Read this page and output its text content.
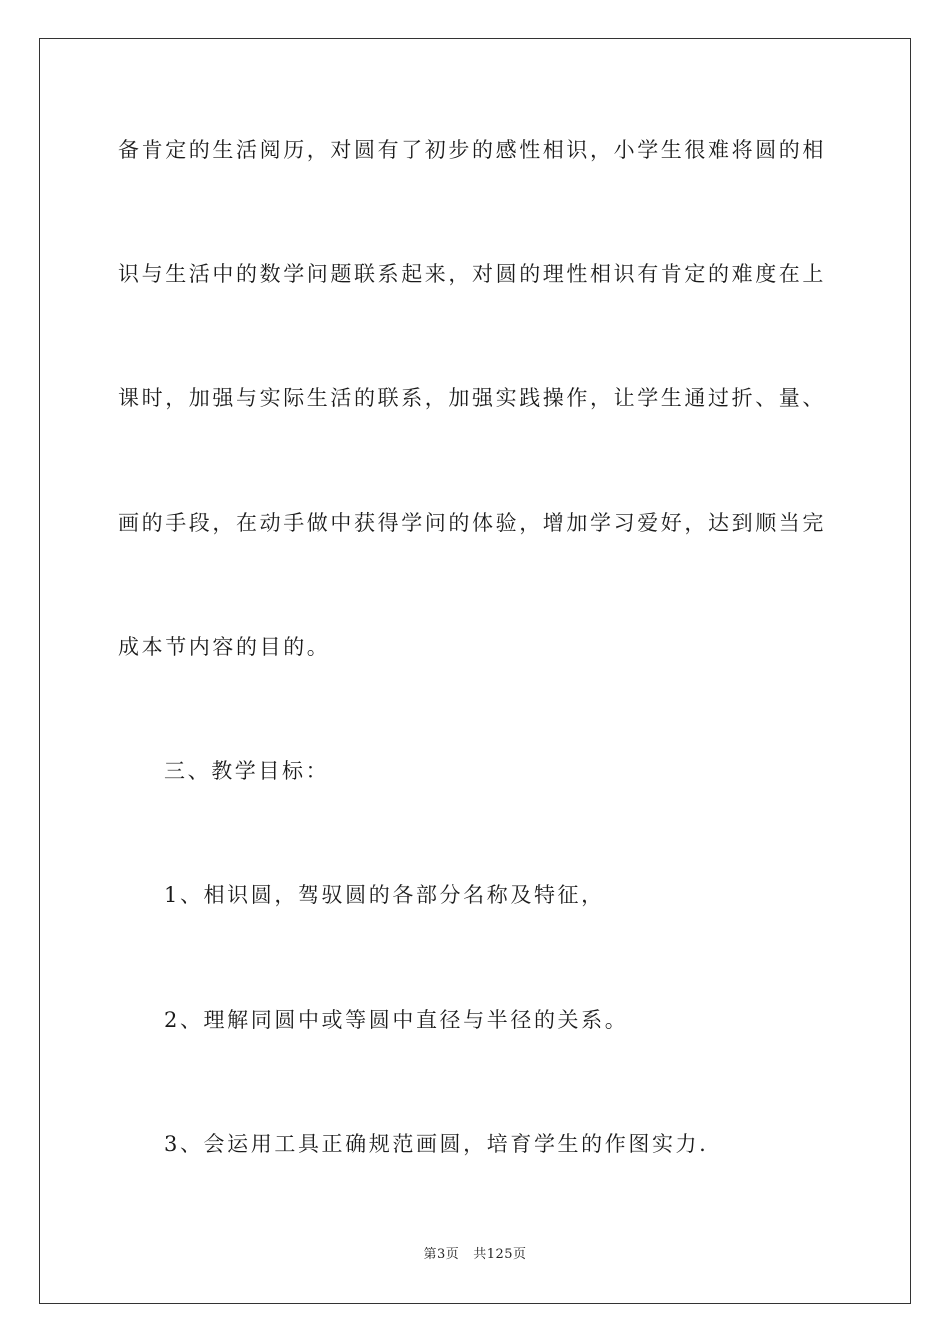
备肯定的生活阅历，对圆有了初步的感性相识，小学生很难将圆的相
识与生活中的数学问题联系起来，对圆的理性相识有肯定的难度在上
课时，加强与实际生活的联系，加强实践操作，让学生通过折、量、
画的手段，在动手做中获得学问的体验，增加学习爱好，达到顺当完
成本节内容的目的。
三、教学目标：
1、相识圆，驾驭圆的各部分名称及特征，
2、理解同圆中或等圆中直径与半径的关系。
3、会运用工具正确规范画圆，培育学生的作图实力.
第3页 共125页
